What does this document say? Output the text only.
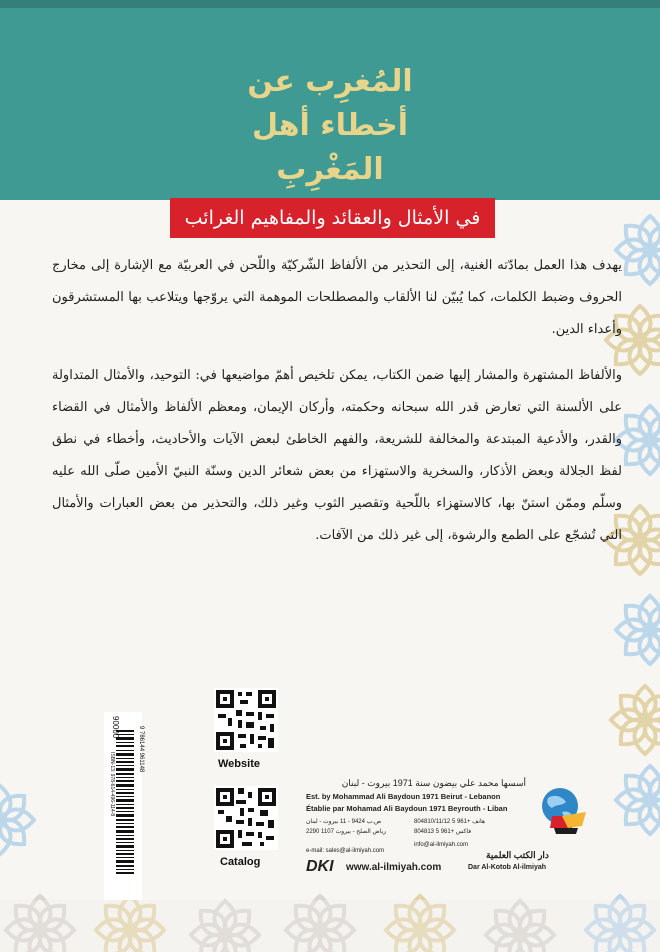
المُغرِب عن
أخطاء أهل
المَغْرِبِ
في الأمثال والعقائد والمفاهيم الغرائب
يهدف هذا العمل بمادّته الغنية، إلى التحذير من الألفاظ الشّركيّة واللّحن في العربيّة مع الإشارة إلى مخارج الحروف وضبط الكلمات، كما يُبيّن لنا الألقاب والمصطلحات الموهمة التي يروّجها ويتلاعب بها المستشرقون وأعداء الدين.
والألفاظ المشتهرة والمشار إليها ضمن الكتاب، يمكن تلخيص أهمّ مواضيعها في: التوحيد، والأمثال المتداولة على الألسنة التي تعارض قدر الله سبحانه وحكمته، وأركان الإيمان، ومعظم الألفاظ والأمثال في القضاء والقدر، والأدعية المبتدعة والمخالفة للشريعة، والفهم الخاطئ لبعض الآيات والأحاديث، وأخطاء في نطق لفظ الجلالة وبعض الأذكار، والسخرية والاستهزاء من بعض شعائر الدين وسنّة النبيّ الأمين صلّى الله عليه وسلّم وممّن استنّ بها، كالاستهزاء باللّحية وتقصير الثوب وغير ذلك، والتحذير من بعض العبارات والأمثال التي تُشجّع على الطمع والرشوة، إلى غير ذلك من الآفات.
Website
Catalog
90000
ISBN-13: 978-614-496-114-8
9 786144 961148
أسسها محمد علي بيضون سنة 1971 بيروت - لبنان
Est. by Mohammad Ali Baydoun 1971 Beirut - Lebanon
Établie par Mohamad Ali Baydoun 1971 Beyrouth - Liban
ص.ب 9424 - 11 بيروت - لبنان
رياض الصلح - بيروت 1107 2290
هاتف +961 5 804810/11/12
فاكس +961 5 804813
info@al-ilmiyah.com
e-mail: sales@al-ilmiyah.com
DKI www.al-ilmiyah.com
دار الكتب العلمية
Dar Al-Kotob Al-ilmiyah
